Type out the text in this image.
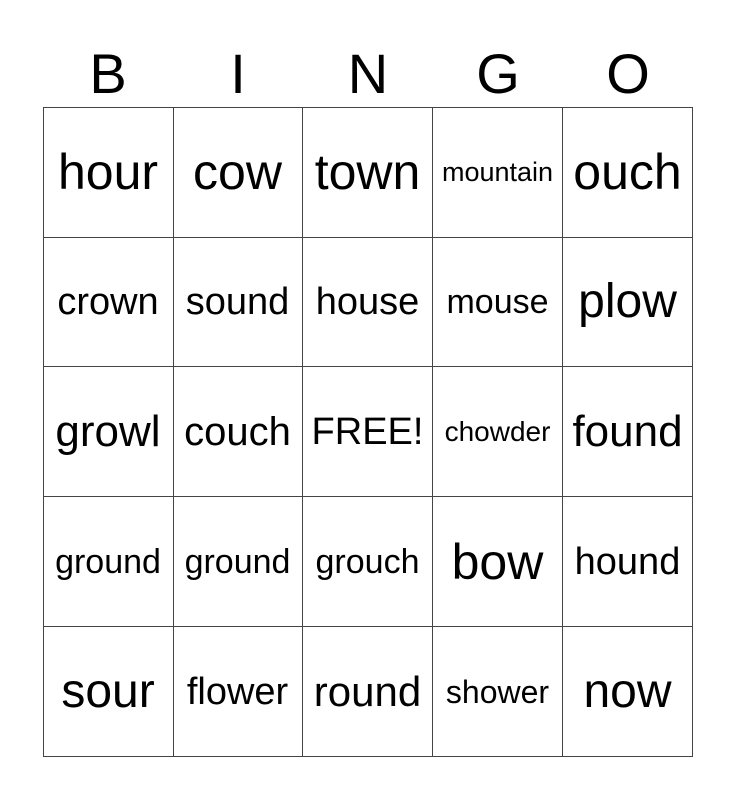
B	I	N	G	O
hour cow town mountain ouch
crown sound house mouse plow
growl couch FREE! chowder found
ground ground grouch bow hound
sour flower round shower now
